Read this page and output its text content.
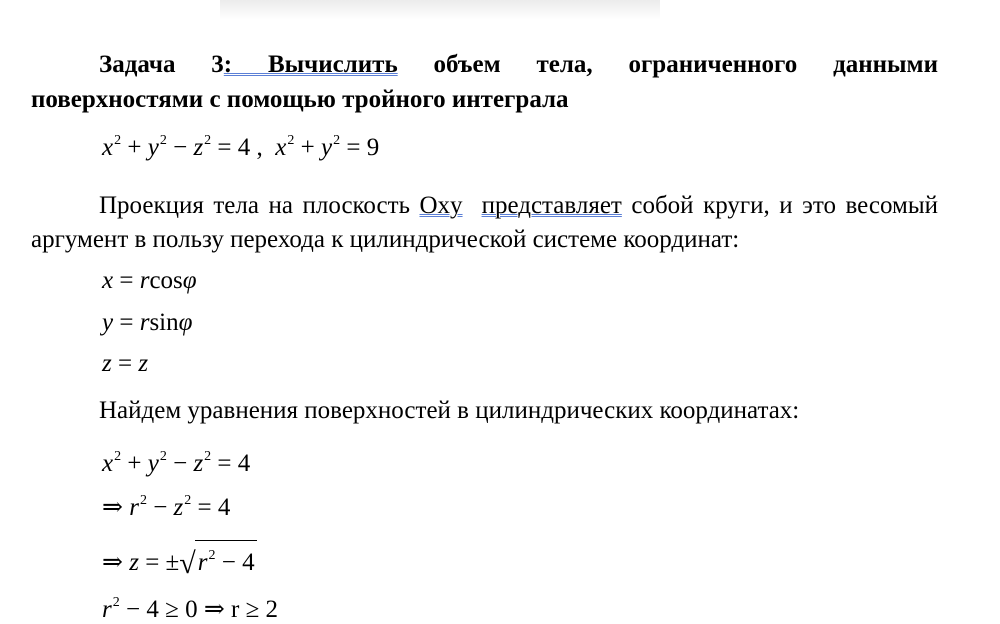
Задача 3: Вычислить объем тела, ограниченного данными поверхностями с помощью тройного интеграла
$x^2 + y^2 - z^2 = 4$ ,  $x^2 + y^2 = 9$
Проекция тела на плоскость Oxy представляет собой круги, и это весомый аргумент в пользу перехода к цилиндрической системе координат:
x = rcosφ
y = rsinφ
z = z
Найдем уравнения поверхностей в цилиндрических координатах:
$x^2 + y^2 - z^2 = 4$
⇒ $r^2 - z^2 = 4$
⇒ $z = \pm√r^2 - 4$
$r^2 - 4 \ge 0$ ⇒ r ≥ 2
